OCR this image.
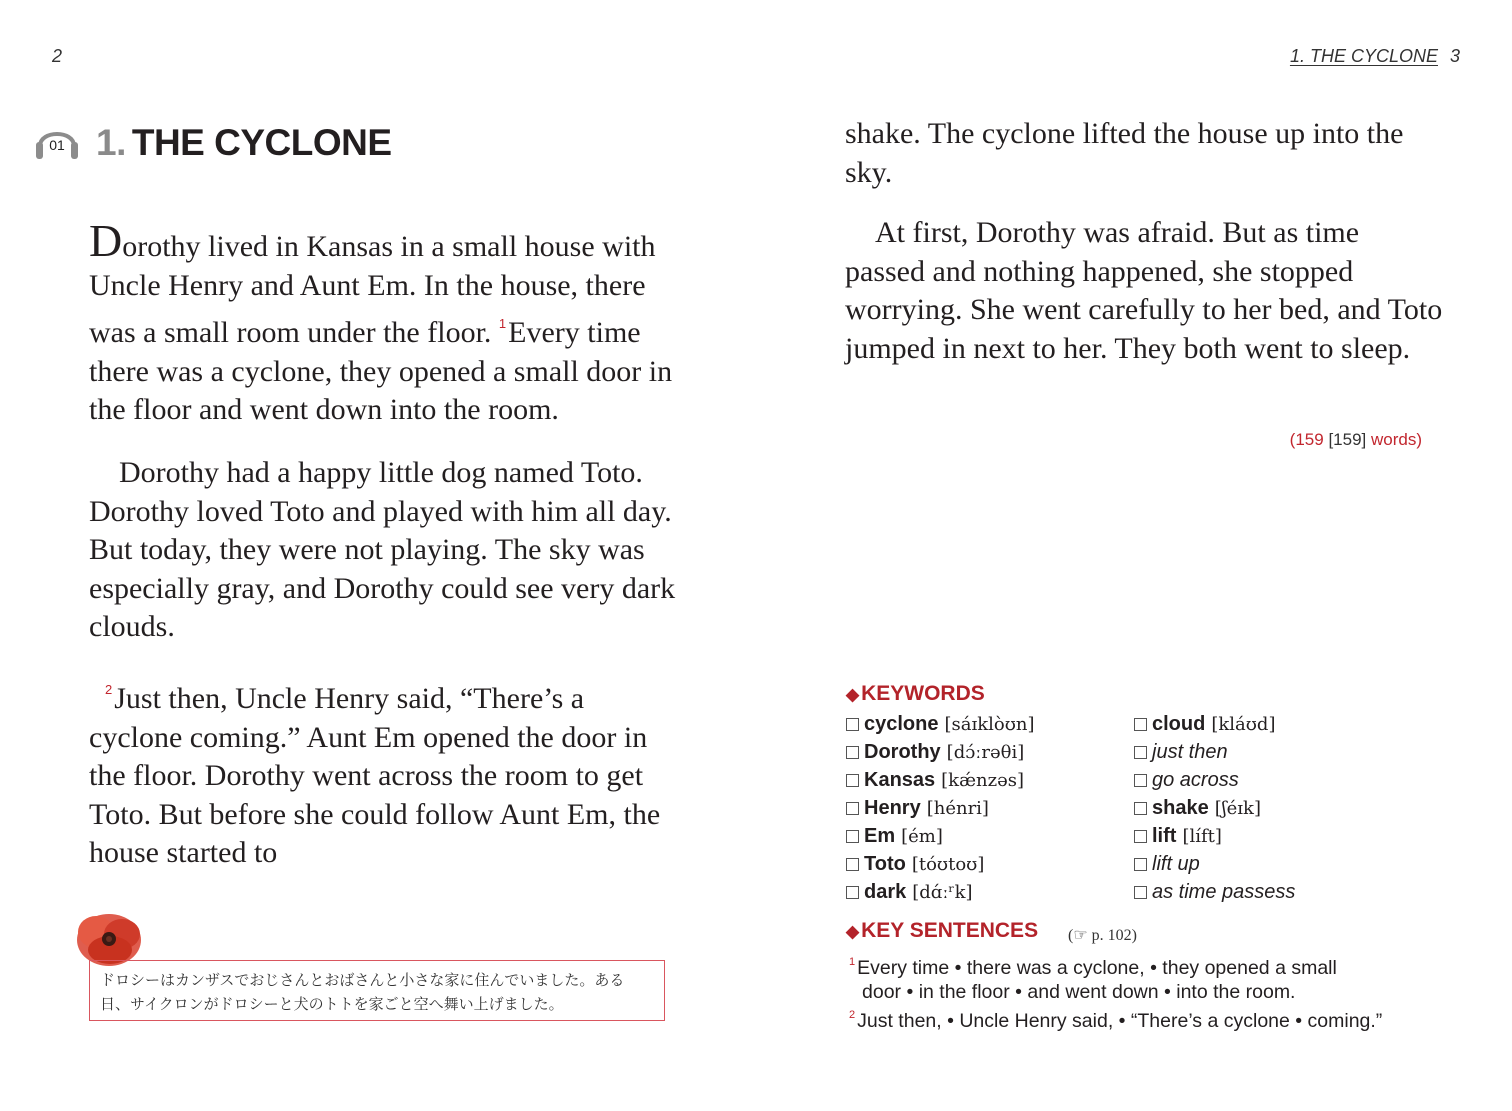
2	1. THE CYCLONE 3
01 1. THE CYCLONE

Dorothy lived in Kansas in a small house with Uncle Henry and Aunt Em. In the house, there was a small room under the floor. $^1$Every time there was a cyclone, they opened a small door in the floor and went down into the room.

Dorothy had a happy little dog named Toto. Dorothy loved Toto and played with him all day. But today, they were not playing. The sky was especially gray, and Dorothy could see very dark clouds.

$^2$Just then, Uncle Henry said, “There’s a cyclone coming.” Aunt Em opened the door in the floor. Dorothy went across the room to get Toto. But before she could follow Aunt Em, the house started to

ドロシーはカンザスでおじさんとおばさんと小さな家に住んでいました。ある日、サイクロンがドロシーと犬のトトを家ごと空へ舞い上げました。

shake. The cyclone lifted the house up into the sky.

At first, Dorothy was afraid. But as time passed and nothing happened, she stopped worrying. She went carefully to her bed, and Toto jumped in next to her. They both went to sleep.

(159 [159] words)
◆KEYWORDS
cyclone [sáɪklòʊn]
Dorothy [dɔ́ːrəθi]
Kansas [kǽnzəs]
Henry [hénri]
Em [ém]
Toto [tóʊtoʊ]
dark [dɑ́ːʳk]
cloud [kláʊd]
just then
go across
shake [ʃéɪk]
lift [líft]
lift up
as time passess
◆KEY SENTENCES (☞ p. 102)
$^1$ Every time • there was a cyclone, • they opened a small
door • in the floor • and went down • into the room.
$^2$ Just then, • Uncle Henry said, • “There’s a cyclone • coming.”
